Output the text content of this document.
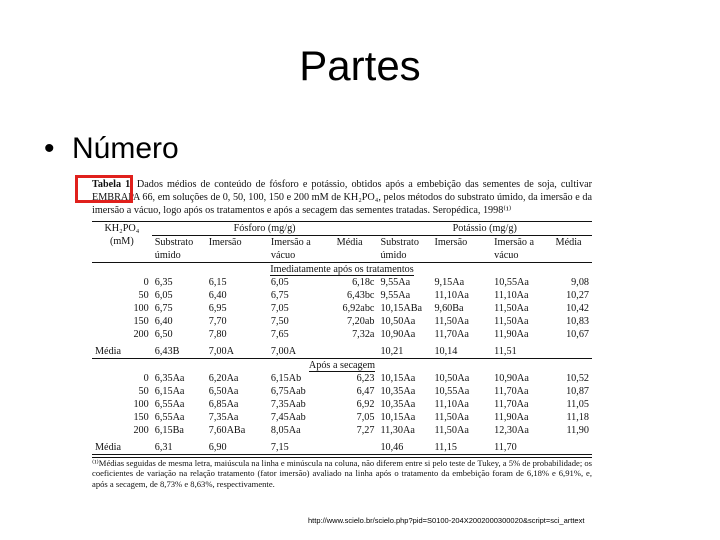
Partes
• Número
Tabela 1. Dados médios de conteúdo de fósforo e potássio, obtidos após a embebição das sementes de soja, cultivar EMBRAPA 66, em soluções de 0, 50, 100, 150 e 200 mM de KH₂PO₄, pelos métodos do substrato úmido, da imersão e da imersão a vácuo, logo após os tratamentos e após a secagem das sementes tratadas. Seropédica, 1998⁽¹⁾
KH₂PO₄
(mM)	Fósforo (mg/g)				Potássio (mg/g)			
	Substrato úmido	Imersão	Imersão a vácuo	Média	Substrato úmido	Imersão	Imersão a vácuo	Média
Imediatamente após os tratamentos								
0	6,35	6,15	6,05	6,18c	9,55Aa	9,15Aa	10,55Aa	9,08
50	6,05	6,40	6,75	6,43bc	9,55Aa	11,10Aa	11,10Aa	10,27
100	6,75	6,95	7,05	6,92abc	10,15ABa	9,60Ba	11,50Aa	10,42
150	6,40	7,70	7,50	7,20ab	10,50Aa	11,50Aa	11,50Aa	10,83
200	6,50	7,80	7,65	7,32a	10,90Aa	11,70Aa	11,90Aa	10,67

Média	6,43B	7,00A	7,00A		10,21	10,14	11,51	
Após a secagem								
0	6,35Aa	6,20Aa	6,15Ab	6,23	10,15Aa	10,50Aa	10,90Aa	10,52
50	6,15Aa	6,50Aa	6,75Aab	6,47	10,35Aa	10,55Aa	11,70Aa	10,87
100	6,55Aa	6,85Aa	7,35Aab	6,92	10,35Aa	11,10Aa	11,70Aa	11,05
150	6,55Aa	7,35Aa	7,45Aab	7,05	10,15Aa	11,50Aa	11,90Aa	11,18
200	6,15Ba	7,60ABa	8,05Aa	7,27	11,30Aa	11,50Aa	12,30Aa	11,90

Média	6,31	6,90	7,15		10,46	11,15	11,70	
⁽¹⁾Médias seguidas de mesma letra, maiúscula na linha e minúscula na coluna, não diferem entre si pelo teste de Tukey, a 5% de probabilidade; os coeficientes de variação na relação tratamento (fator imersão) avaliado na linha após o tratamento da embebição foram de 6,18% e 6,91%, e, após a secagem, de 8,73% e 8,63%, respectivamente.
http://www.scielo.br/scielo.php?pid=S0100-204X2002000300020&script=sci_arttext
